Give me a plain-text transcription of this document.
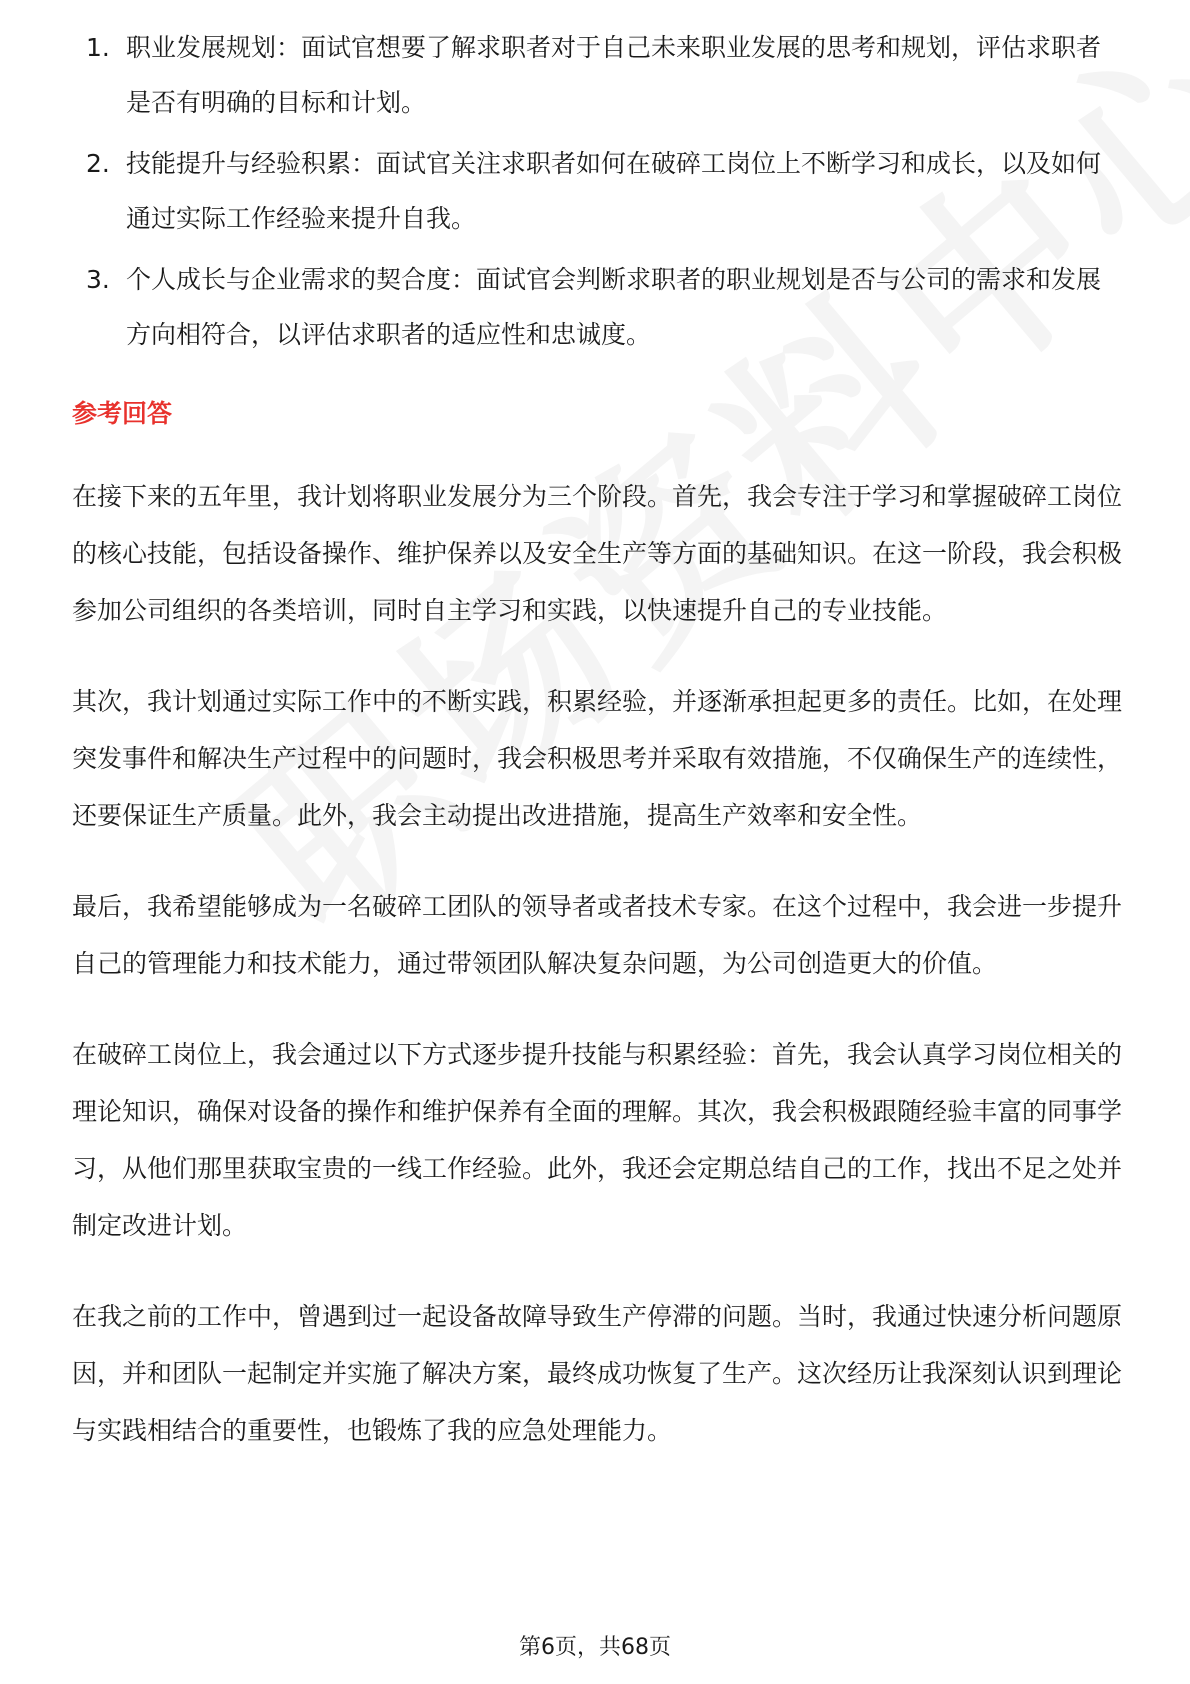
1. 职业发展规划：面试官想要了解求职者对于自己未来职业发展的思考和规划，评估求职者是否有明确的目标和计划。
2. 技能提升与经验积累：面试官关注求职者如何在破碎工岗位上不断学习和成长，以及如何通过实际工作经验来提升自我。
3. 个人成长与企业需求的契合度：面试官会判断求职者的职业规划是否与公司的需求和发展方向相符合，以评估求职者的适应性和忠诚度。
参考回答

在接下来的五年里，我计划将职业发展分为三个阶段。首先，我会专注于学习和掌握破碎工岗位的核心技能，包括设备操作、维护保养以及安全生产等方面的基础知识。在这一阶段，我会积极参加公司组织的各类培训，同时自主学习和实践，以快速提升自己的专业技能。

其次，我计划通过实际工作中的不断实践，积累经验，并逐渐承担起更多的责任。比如，在处理突发事件和解决生产过程中的问题时，我会积极思考并采取有效措施，不仅确保生产的连续性，还要保证生产质量。此外，我会主动提出改进措施，提高生产效率和安全性。

最后，我希望能够成为一名破碎工团队的领导者或者技术专家。在这个过程中，我会进一步提升自己的管理能力和技术能力，通过带领团队解决复杂问题，为公司创造更大的价值。

在破碎工岗位上，我会通过以下方式逐步提升技能与积累经验：首先，我会认真学习岗位相关的理论知识，确保对设备的操作和维护保养有全面的理解。其次，我会积极跟随经验丰富的同事学习，从他们那里获取宝贵的一线工作经验。此外，我还会定期总结自己的工作，找出不足之处并制定改进计划。

在我之前的工作中，曾遇到过一起设备故障导致生产停滞的问题。当时，我通过快速分析问题原因，并和团队一起制定并实施了解决方案，最终成功恢复了生产。这次经历让我深刻认识到理论与实践相结合的重要性，也锻炼了我的应急处理能力。

第6页，共68页
